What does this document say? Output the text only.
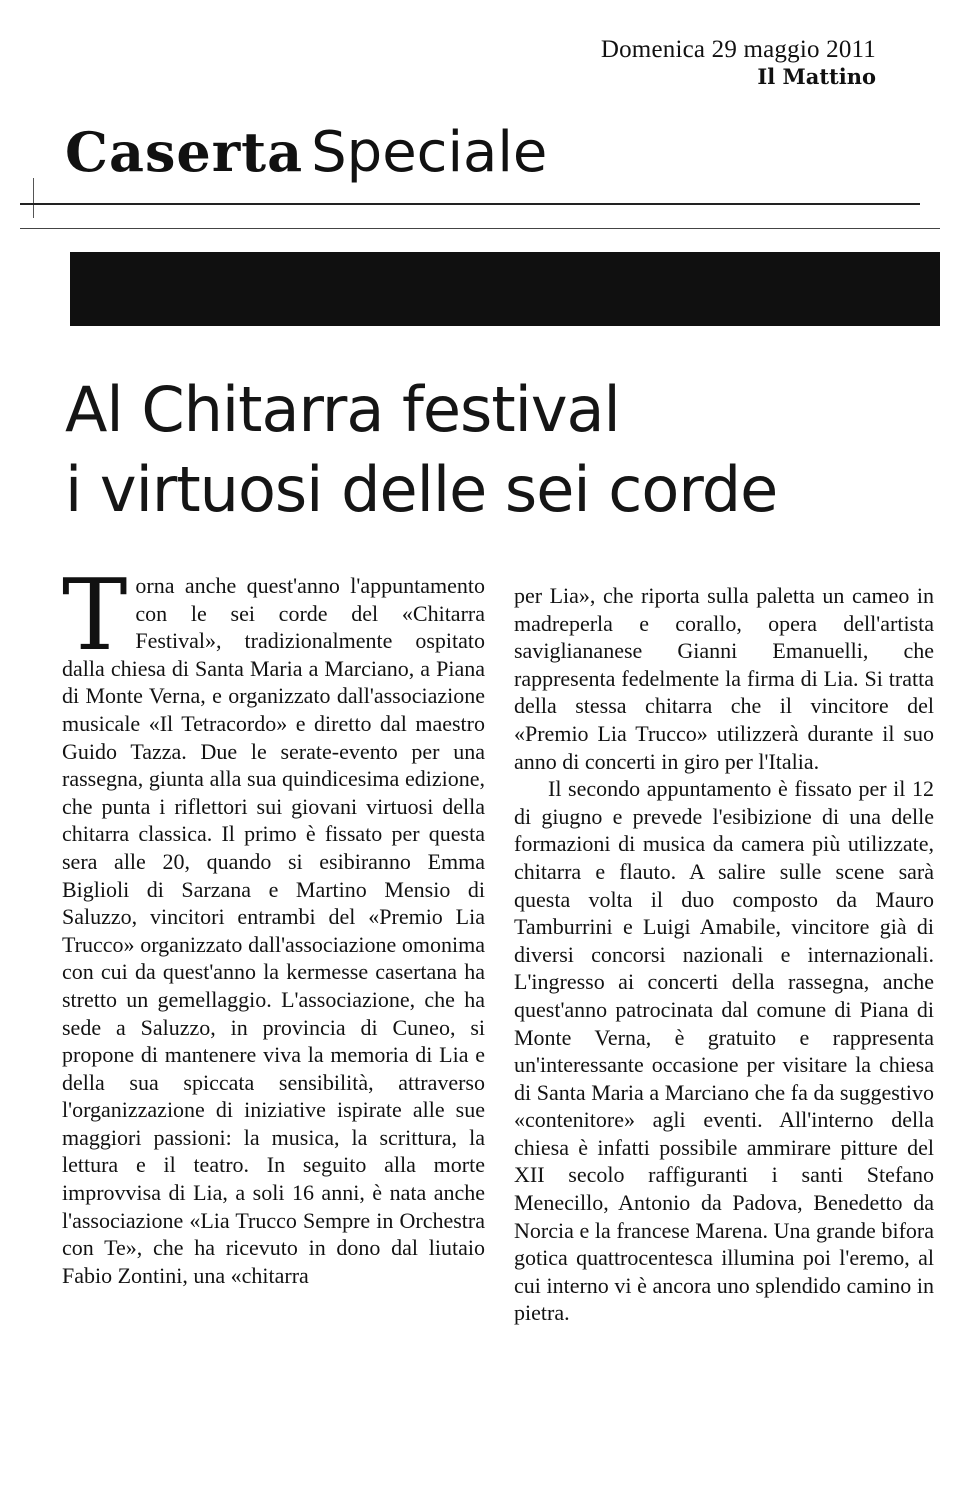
Domenica 29 maggio 2011
Il Mattino
Caserta Speciale
Al Chitarra festival
i virtuosi delle sei corde

Torna anche quest'anno l'appuntamento con le sei corde del «Chitarra Festival», tradizionalmente ospitato dalla chiesa di Santa Maria a Marciano, a Piana di Monte Verna, e organizzato dall'associazione musicale «Il Tetracordo» e diretto dal maestro Guido Tazza. Due le serate-evento per una rassegna, giunta alla sua quindicesima edizione, che punta i riflettori sui giovani virtuosi della chitarra classica. Il primo è fissato per questa sera alle 20, quando si esibiranno Emma Biglioli di Sarzana e Martino Mensio di Saluzzo, vincitori entrambi del «Premio Lia Trucco» organizzato dall'associazione omonima con cui da quest'anno la kermesse casertana ha stretto un gemellaggio. L'associazione, che ha sede a Saluzzo, in provincia di Cuneo, si propone di mantenere viva la memoria di Lia e della sua spiccata sensibilità, attraverso l'organizzazione di iniziative ispirate alle sue maggiori passioni: la musica, la scrittura, la lettura e il teatro. In seguito alla morte improvvisa di Lia, a soli 16 anni, è nata anche l'associazione «Lia Trucco Sempre in Orchestra con Te», che ha ricevuto in dono dal liutaio Fabio Zontini, una «chitarra

per Lia», che riporta sulla paletta un cameo in madreperla e corallo, opera dell'artista savigliananese Gianni Emanuelli, che rappresenta fedelmente la firma di Lia. Si tratta della stessa chitarra che il vincitore del «Premio Lia Trucco» utilizzerà durante il suo anno di concerti in giro per l'Italia.

Il secondo appuntamento è fissato per il 12 di giugno e prevede l'esibizione di una delle formazioni di musica da camera più utilizzate, chitarra e flauto. A salire sulle scene sarà questa volta il duo composto da Mauro Tamburrini e Luigi Amabile, vincitore già di diversi concorsi nazionali e internazionali. L'ingresso ai concerti della rassegna, anche quest'anno patrocinata dal comune di Piana di Monte Verna, è gratuito e rappresenta un'interessante occasione per visitare la chiesa di Santa Maria a Marciano che fa da suggestivo «contenitore» agli eventi. All'interno della chiesa è infatti possibile ammirare pitture del XII secolo raffiguranti i santi Stefano Menecillo, Antonio da Padova, Benedetto da Norcia e la francese Marena. Una grande bifora gotica quattrocentesca illumina poi l'eremo, al cui interno vi è ancora uno splendido camino in pietra.
